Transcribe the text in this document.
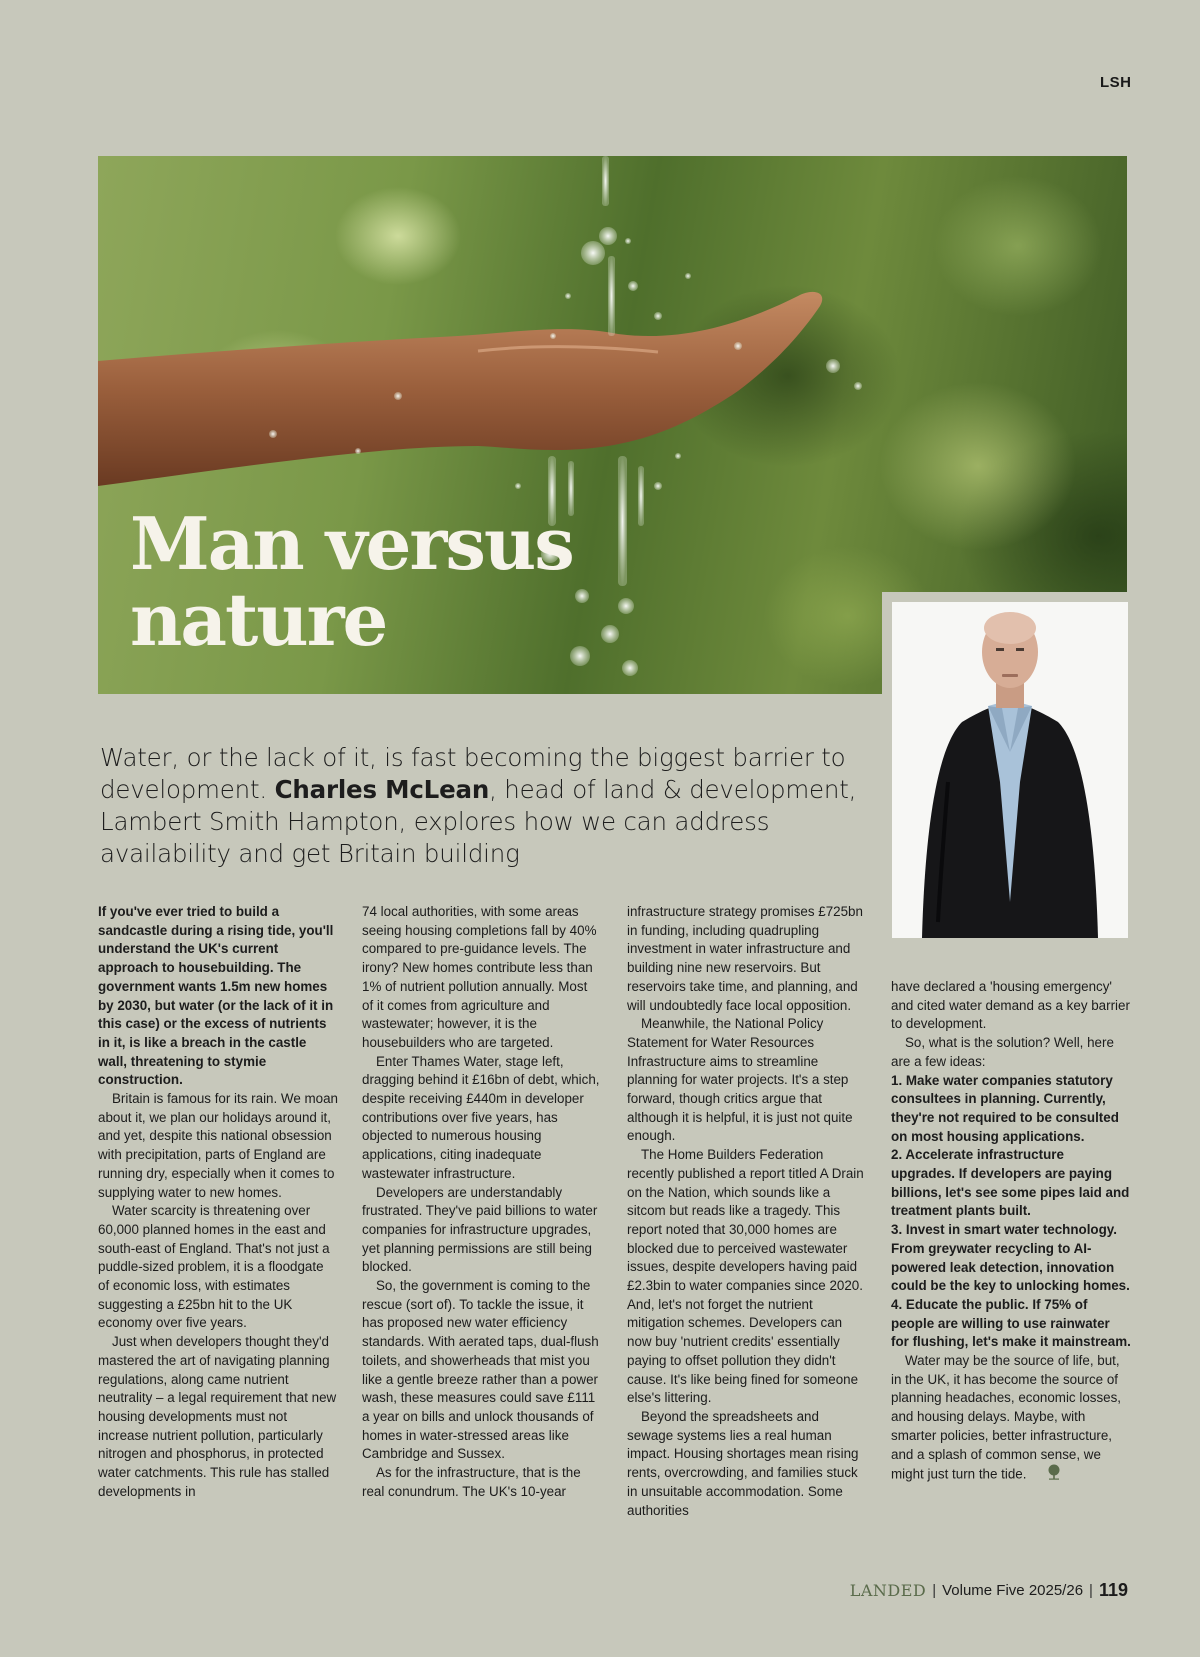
LSH
Man versus
nature
Water, or the lack of it, is fast becoming the biggest barrier to development. Charles McLean, head of land & development, Lambert Smith Hampton, explores how we can address availability and get Britain building

If you've ever tried to build a sandcastle during a rising tide, you'll understand the UK's current approach to housebuilding. The government wants 1.5m new homes by 2030, but water (or the lack of it in this case) or the excess of nutrients in it, is like a breach in the castle wall, threatening to stymie construction.

Britain is famous for its rain. We moan about it, we plan our holidays around it, and yet, despite this national obsession with precipitation, parts of England are running dry, especially when it comes to supplying water to new homes.

Water scarcity is threatening over 60,000 planned homes in the east and south-east of England. That's not just a puddle-sized problem, it is a floodgate of economic loss, with estimates suggesting a £25bn hit to the UK economy over five years.

Just when developers thought they'd mastered the art of navigating planning regulations, along came nutrient neutrality – a legal requirement that new housing developments must not increase nutrient pollution, particularly nitrogen and phosphorus, in protected water catchments. This rule has stalled developments in

74 local authorities, with some areas seeing housing completions fall by 40% compared to pre-guidance levels. The irony? New homes contribute less than 1% of nutrient pollution annually. Most of it comes from agriculture and wastewater; however, it is the housebuilders who are targeted.

Enter Thames Water, stage left, dragging behind it £16bn of debt, which, despite receiving £440m in developer contributions over five years, has objected to numerous housing applications, citing inadequate wastewater infrastructure.

Developers are understandably frustrated. They've paid billions to water companies for infrastructure upgrades, yet planning permissions are still being blocked.

So, the government is coming to the rescue (sort of). To tackle the issue, it has proposed new water efficiency standards. With aerated taps, dual-flush toilets, and showerheads that mist you like a gentle breeze rather than a power wash, these measures could save £111 a year on bills and unlock thousands of homes in water-stressed areas like Cambridge and Sussex.

As for the infrastructure, that is the real conundrum. The UK's 10-year

infrastructure strategy promises £725bn in funding, including quadrupling investment in water infrastructure and building nine new reservoirs. But reservoirs take time, and planning, and will undoubtedly face local opposition.

Meanwhile, the National Policy Statement for Water Resources Infrastructure aims to streamline planning for water projects. It's a step forward, though critics argue that although it is helpful, it is just not quite enough.

The Home Builders Federation recently published a report titled A Drain on the Nation, which sounds like a sitcom but reads like a tragedy. This report noted that 30,000 homes are blocked due to perceived wastewater issues, despite developers having paid £2.3bin to water companies since 2020. And, let's not forget the nutrient mitigation schemes. Developers can now buy 'nutrient credits' essentially paying to offset pollution they didn't cause. It's like being fined for someone else's littering.

Beyond the spreadsheets and sewage systems lies a real human impact. Housing shortages mean rising rents, overcrowding, and families stuck in unsuitable accommodation. Some authorities

have declared a 'housing emergency' and cited water demand as a key barrier to development.

So, what is the solution? Well, here are a few ideas:

1. Make water companies statutory consultees in planning. Currently, they're not required to be consulted on most housing applications.

2. Accelerate infrastructure upgrades. If developers are paying billions, let's see some pipes laid and treatment plants built.

3. Invest in smart water technology. From greywater recycling to AI-powered leak detection, innovation could be the key to unlocking homes.

4. Educate the public. If 75% of people are willing to use rainwater for flushing, let's make it mainstream.

Water may be the source of life, but, in the UK, it has become the source of planning headaches, economic losses, and housing delays. Maybe, with smarter policies, better infrastructure, and a splash of common sense, we might just turn the tide.

LANDED | Volume Five 2025/26 | 119
